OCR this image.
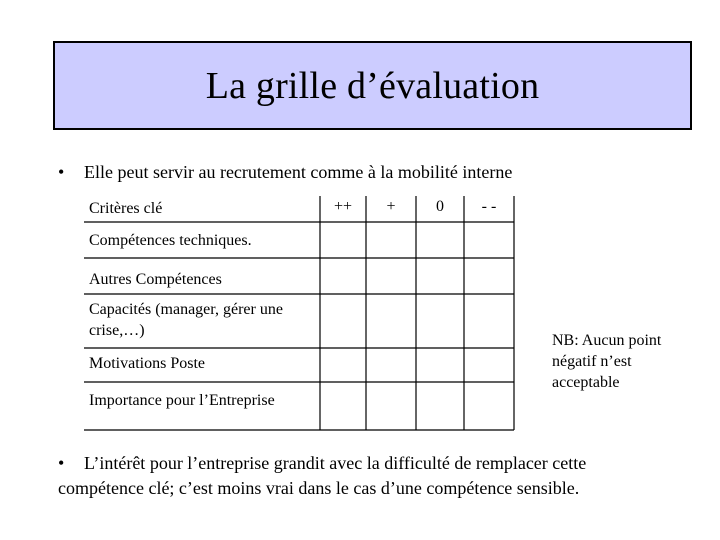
La grille d’évaluation
• Elle peut servir au recrutement comme à la mobilité interne
Critères clé	++	+	0	- -
Compétences techniques.
Autres Compétences
Capacités (manager, gérer une
crise,…)
Motivations Poste
Importance pour l’Entreprise
NB: Aucun point
négatif n’est
acceptable
• L’intérêt pour l’entreprise grandit avec la difficulté de remplacer cette
compétence clé; c’est moins vrai dans le cas d’une compétence sensible.
